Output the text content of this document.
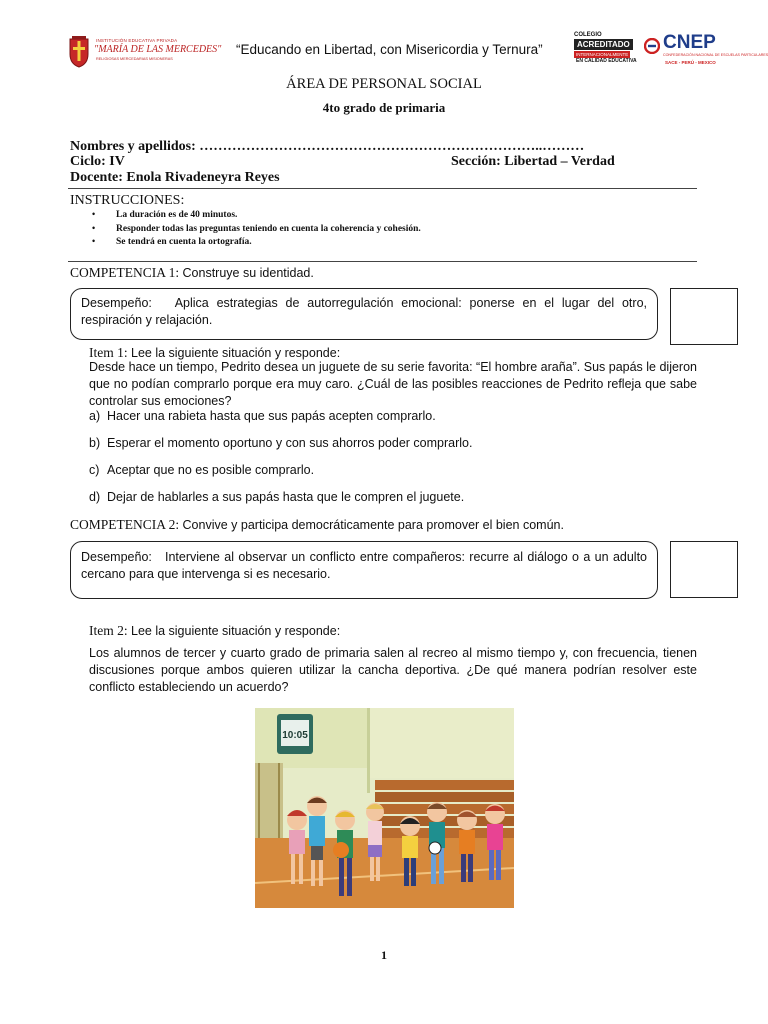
INSTITUCIÓN EDUCATIVA PRIVADA
"MARÍA DE LAS MERCEDES"
RELIGIOSAS MERCEDARIAS MISIONERAS
“Educando en Libertad, con Misericordia y Ternura”
COLEGIO
ACREDITADO
INTERNACIONALMENTE
EN CALIDAD EDUCATIVA
CNEP
CONFEDERACIÓN NACIONAL DE ESCUELAS PARTICULARES
SACE - PERÚ - MEXICO
ÁREA DE PERSONAL SOCIAL
4to grado de primaria
Nombres y apellidos: ………………………………………………………………..………
Ciclo: IV	Sección: Libertad – Verdad
Docente: Enola Rivadeneyra Reyes
INSTRUCCIONES:
• La duración es de 40 minutos.
• Responder todas las preguntas teniendo en cuenta la coherencia y cohesión.
• Se tendrá en cuenta la ortografía.
COMPETENCIA 1: Construye su identidad.

Desempeño: Aplica estrategias de autorregulación emocional: ponerse en el lugar del otro, respiración y relajación.

Item 1: Lee la siguiente situación y responde:

Desde hace un tiempo, Pedrito desea un juguete de su serie favorita: “El hombre araña”. Sus papás le dijeron que no podían comprarlo porque era muy caro. ¿Cuál de las posibles reacciones de Pedrito refleja que sabe controlar sus emociones?

a) Hacer una rabieta hasta que sus papás acepten comprarlo.
b) Esperar el momento oportuno y con sus ahorros poder comprarlo.
c) Aceptar que no es posible comprarlo.
d) Dejar de hablarles a sus papás hasta que le compren el juguete.
COMPETENCIA 2: Convive y participa democráticamente para promover el bien común.

Desempeño: Interviene al observar un conflicto entre compañeros: recurre al diálogo o a un adulto cercano para que intervenga si es necesario.

Item 2: Lee la siguiente situación y responde:

Los alumnos de tercer y cuarto grado de primaria salen al recreo al mismo tiempo y, con frecuencia, tienen discusiones porque ambos quieren utilizar la cancha deportiva. ¿De qué manera podrían resolver este conflicto estableciendo un acuerdo?

10:05
1
